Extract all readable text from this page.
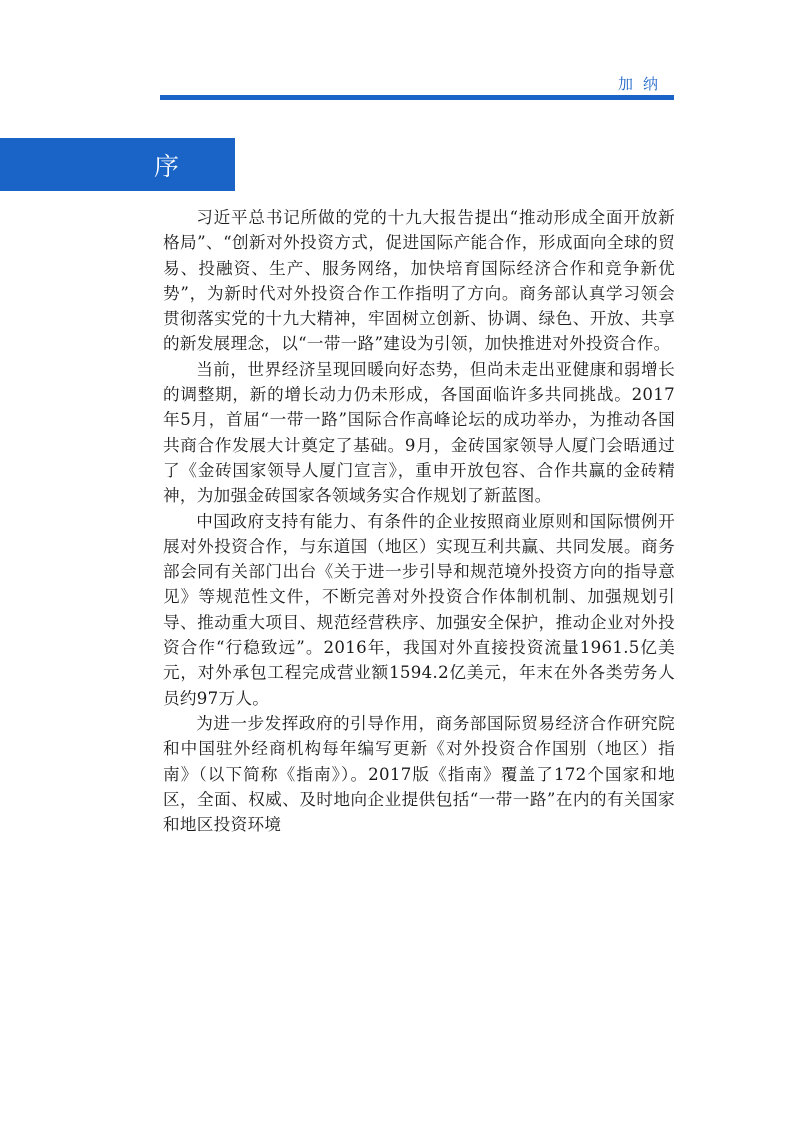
加纳
序

习近平总书记所做的党的十九大报告提出“推动形成全面开放新格局”、“创新对外投资方式，促进国际产能合作，形成面向全球的贸易、投融资、生产、服务网络，加快培育国际经济合作和竞争新优势”，为新时代对外投资合作工作指明了方向。商务部认真学习领会贯彻落实党的十九大精神，牢固树立创新、协调、绿色、开放、共享的新发展理念，以“一带一路”建设为引领，加快推进对外投资合作。

当前，世界经济呈现回暖向好态势，但尚未走出亚健康和弱增长的调整期，新的增长动力仍未形成，各国面临许多共同挑战。2017年5月，首届“一带一路”国际合作高峰论坛的成功举办，为推动各国共商合作发展大计奠定了基础。9月，金砖国家领导人厦门会晤通过了《金砖国家领导人厦门宣言》，重申开放包容、合作共赢的金砖精神，为加强金砖国家各领域务实合作规划了新蓝图。

中国政府支持有能力、有条件的企业按照商业原则和国际惯例开展对外投资合作，与东道国（地区）实现互利共赢、共同发展。商务部会同有关部门出台《关于进一步引导和规范境外投资方向的指导意见》等规范性文件，不断完善对外投资合作体制机制、加强规划引导、推动重大项目、规范经营秩序、加强安全保护，推动企业对外投资合作“行稳致远”。2016年，我国对外直接投资流量1961.5亿美元，对外承包工程完成营业额1594.2亿美元，年末在外各类劳务人员约97万人。

为进一步发挥政府的引导作用，商务部国际贸易经济合作研究院和中国驻外经商机构每年编写更新《对外投资合作国别（地区）指南》（以下简称《指南》）。2017版《指南》覆盖了172个国家和地区，全面、权威、及时地向企业提供包括“一带一路”在内的有关国家和地区投资环境
